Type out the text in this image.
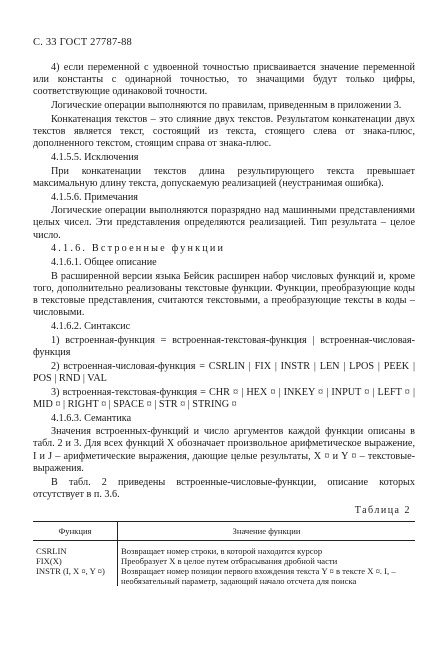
С. 33 ГОСТ 27787-88

4) если переменной с удвоенной точностью присваивается значение переменной или константы с одинарной точностью, то значащими будут только цифры, соответствующие одинаковой точности.

Логические операции выполняются по правилам, приведенным в приложении 3.

Конкатенация текстов – это слияние двух текстов. Результатом конкатенации двух текстов является текст, состоящий из текста, стоящего слева от знака-плюс, дополненного текстом, стоящим справа от знака-плюс.

4.1.5.5. Исключения

При конкатенации текстов длина результирующего текста превышает максимальную длину текста, допускаемую реализацией (неустранимая ошибка).

4.1.5.6. Примечания

Логические операции выполняются поразрядно над машинными представлениями целых чисел. Эти представления определяются реализацией. Тип результата – целое число.

4.1.6. Встроенные функции

4.1.6.1. Общее описание

В расширенной версии языка Бейсик расширен набор числовых функций и, кроме того, дополнительно реализованы текстовые функции. Функции, преобразующие коды в текстовые представления, считаются текстовыми, а преобразующие тексты в коды – числовыми.

4.1.6.2. Синтаксис

1) встроенная-функция = встроенная-текстовая-функция | встроенная-числовая-функция

2) встроенная-числовая-функция = CSRLIN | FIX | INSTR | LEN | LPOS | PEEK | POS | RND | VAL

3) встроенная-текстовая-функция = CHR ¤ | HEX ¤ | INKEY ¤ | INPUT ¤ | LEFT ¤ | MID ¤ | RIGHT ¤ | SPACE ¤ | STR ¤ | STRING ¤

4.1.6.3. Семантика

Значения встроенных-функций и число аргументов каждой функции описаны в табл. 2 и 3. Для всех функций X обозначает произвольное арифметическое выражение, I и J – арифметические выражения, дающие целые результаты, X ¤ и Y ¤ – текстовые-выражения.

В табл. 2 приведены встроенные-числовые-функции, описание которых отсутствует в п. 3.6.

Таблица 2
Функция	Значение функции
CSRLIN	Возвращает номер строки, в которой находится курсор
FIX(X)	Преобразует X в целое путем отбрасывания дробной части
INSTR (I, X ¤, Y ¤)	Возвращает номер позиции первого вхождения текста Y ¤ в тексте X ¤. I, – необязательный параметр, задающий начало отсчета для поиска
